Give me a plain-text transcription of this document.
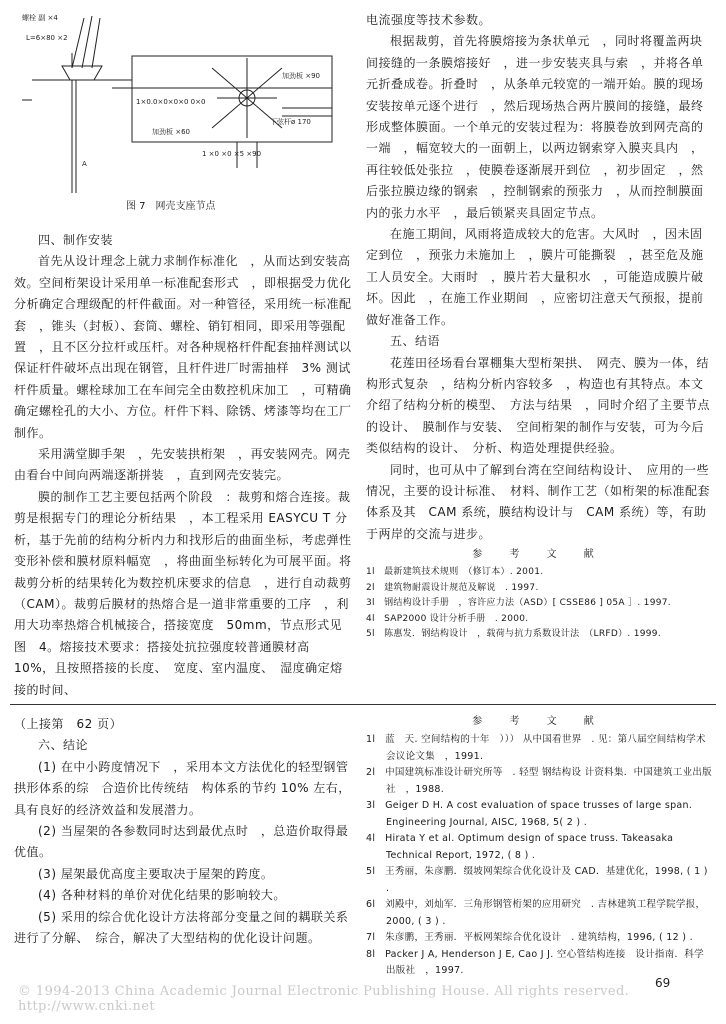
螺栓 副 ×4
L=6×80 ×2
1×0.0×0×0×0 0×0
加劲板 ×60
加劲板 ×90
下弦杆ø 170
1 ×0 ×0 ×5 ×90
A
图 7　网壳支座节点

四、制作安装

首先从设计理念上就力求制作标准化　，从而达到安装高效。空间桁架设计采用单一标准配套形式　，即根据受力优化分析确定合理级配的杆件截面。对一种管径，采用统一标准配套　，锥头（封板）、套筒、螺栓、销钉相同，即采用等强配置　，且不区分拉杆或压杆。对各种规格杆件配套抽样测试以保证杆件破坏点出现在钢管，且杆件进厂时需抽样　3% 测试杆件质量。螺栓球加工在车间完全由数控机床加工　，可精确确定螺栓孔的大小、方位。杆件下料、除锈、烤漆等均在工厂制作。

采用满堂脚手架　，先安装拱桁架　，再安装网壳。网壳由看台中间向两端逐渐拼装　，直到网壳安装完。

膜的制作工艺主要包括两个阶段　：裁剪和熔合连接。裁剪是根据专门的理论分析结果　，本工程采用 EASYCU T 分析，基于先前的结构分析内力和找形后的曲面坐标，考虑弹性变形补偿和膜材原料幅宽　，将曲面坐标转化为可展平面。将裁剪分析的结果转化为数控机床要求的信息　，进行自动裁剪　（CAM）。裁剪后膜材的热熔合是一道非常重要的工序　，利用大功率热熔合机械接合，搭接宽度　50mm，节点形式见图　4。熔接技术要求：搭接处抗拉强度较普通膜材高　10%，且按照搭接的长度、　宽度、室内温度、　湿度确定熔接的时间、

电流强度等技术参数。

根据裁剪，首先将膜熔接为条状单元　，同时将覆盖两块间接缝的一条膜熔接好　，进一步安装夹具与索　，并将各单元折叠成卷。折叠时　，从条单元较宽的一端开始。膜的现场安装按单元逐个进行　，然后现场热合两片膜间的接缝，最终形成整体膜面。一个单元的安装过程为：将膜卷放到网壳高的一端　，幅宽较大的一面朝上，以两边钢索穿入膜夹具内　，再往较低处张拉　，使膜卷逐渐展开到位　，初步固定　，然后张拉膜边缘的钢索　，控制钢索的预张力　，从而控制膜面内的张力水平　，最后锁紧夹具固定节点。

在施工期间，风雨将造成较大的危害。大风时　，因未固定到位　，预张力未施加上　，膜片可能撕裂　，甚至危及施工人员安全。大雨时　，膜片若大量积水　，可能造成膜片破坏。因此　，在施工作业期间　，应密切注意天气预报，提前做好准备工作。

五、结语

花莲田径场看台罩棚集大型桁架拱、　网壳、膜为一体，结构形式复杂　，结构分析内容较多　，构造也有其特点。本文介绍了结构分析的模型、　方法与结果　，同时介绍了主要节点的设计、　膜制作与安装、　空间桁架的制作与安装，可为今后类似结构的设计、　分析、构造处理提供经验。

同时，也可从中了解到台湾在空间结构设计、　应用的一些情况，主要的设计标准、　材料、制作工艺（如桁架的标准配套体系及其　CAM 系统，膜结构设计与　CAM 系统）等，有助于两岸的交流与进步。

参 考 文 献

1l　最新建筑技术规则　（修订本）. 2001.

2l　建筑物耐震设计规范及解说　. 1997.

3l　钢结构设计手册　，容许应力法（ASD）[ CSSE86 ] 05A ］. 1997.

4l　SAP2000 设计分析手册　. 2000.

5l　陈惠发．钢结构设计　，载荷与抗力系数设计法　（LRFD）. 1999.

（上接第　62 页）

六、结论

(1) 在中小跨度情况下　，采用本文方法优化的轻型钢管拱形体系的综　合造价比传统结　构体系的节约 10% 左右，具有良好的经济效益和发展潜力。

(2) 当屋架的各参数同时达到最优点时　，总造价取得最优值。

(3) 屋架最优高度主要取决于屋架的跨度。

(4) 各种材料的单价对优化结果的影响较大。

(5) 采用的综合优化设计方法将部分变量之间的耦联关系进行了分解、　综合，解决了大型结构的优化设计问题。

参 考 文 献

1l　蓝　天. 空间结构的十年　））） 从中国看世界　. 见：第八届空间结构学术会议论文集　，1991.

2l　中国建筑标准设计研究所等　. 轻型 钢结构设 计资料集．中国建筑工业出版社　，1988.

3l　Geiger D H. A cost evaluation of space trusses of large span. Engineering Journal, AISC, 1968, 5( 2 ) .

4l　Hirata Y et al. Optimum design of space truss. Takeasaka Technical Report, 1972, ( 8 ) .

5l　王秀丽，朱彦鹏．缀坡网架综合优化设计及 CAD．基建优化，1998, ( 1 ) .

6l　刘殿中，刘灿军．三角形钢管桁架的应用研究　. 吉林建筑工程学院学报，2000, ( 3 ) .

7l　朱彦鹏，王秀丽．平板网架综合优化设计　. 建筑结构，1996, ( 12 ) .

8l　Packer J A, Henderson J E, Cao J J. 空心管结构连接　设计指南．科学出版社　，1997.

© 1994-2013 China Academic Journal Electronic Publishing House. All rights reserved.　http://www.cnki.net
69
